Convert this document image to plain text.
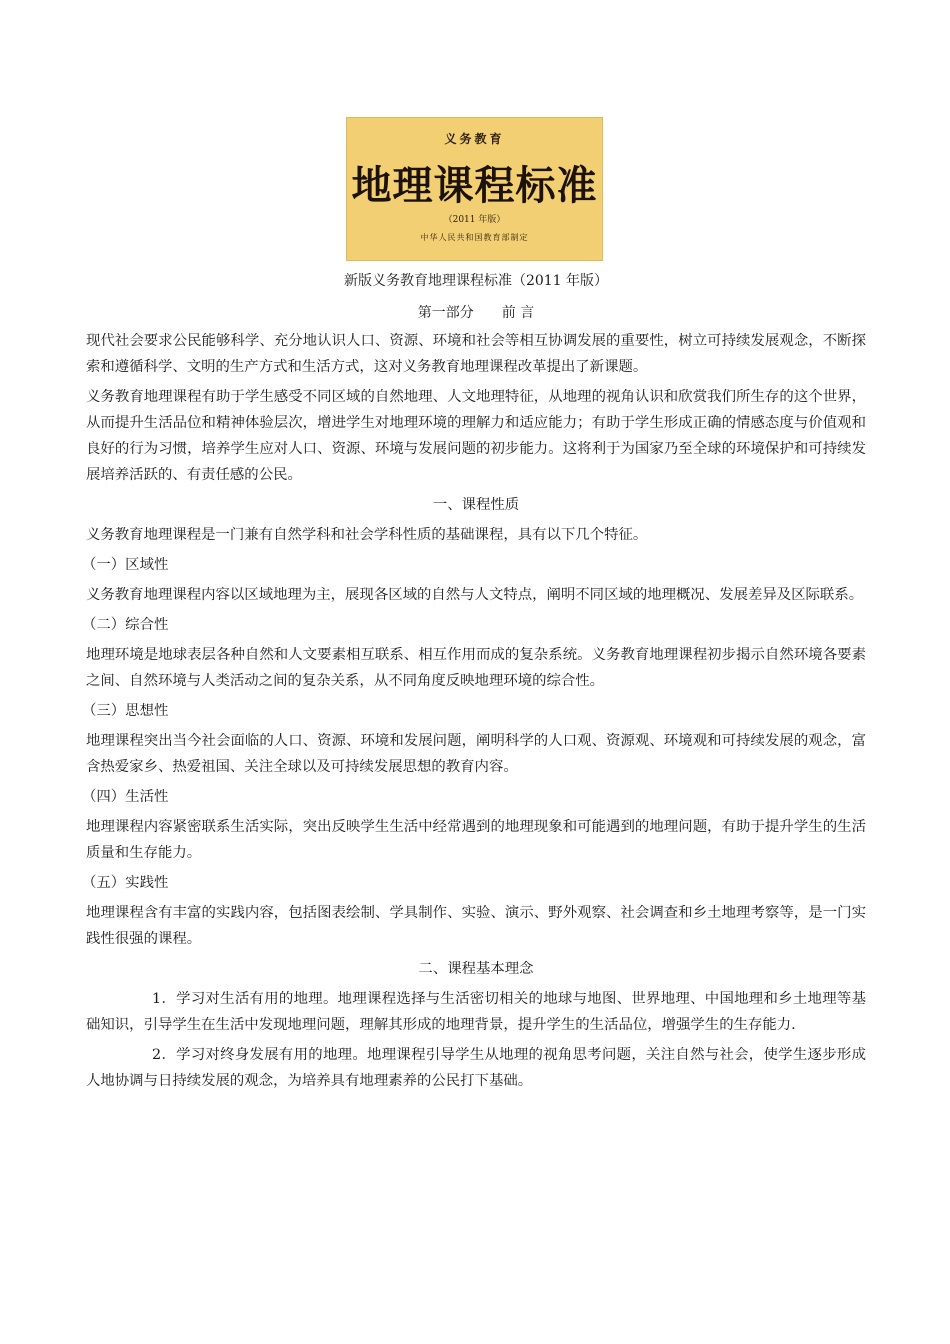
义务教育
地理课程标准
（2011 年版）
中华人民共和国教育部制定
新版义务教育地理课程标准（2011 年版）
第一部分　　前 言

现代社会要求公民能够科学、充分地认识人口、资源、环境和社会等相互协调发展的重要性，树立可持续发展观念，不断探索和遵循科学、文明的生产方式和生活方式，这对义务教育地理课程改革提出了新课题。

义务教育地理课程有助于学生感受不同区域的自然地理、人文地理特征，从地理的视角认识和欣赏我们所生存的这个世界，从而提升生活品位和精神体验层次，增进学生对地理环境的理解力和适应能力；有助于学生形成正确的情感态度与价值观和良好的行为习惯，培养学生应对人口、资源、环境与发展问题的初步能力。这将利于为国家乃至全球的环境保护和可持续发展培养活跃的、有责任感的公民。

一、课程性质

义务教育地理课程是一门兼有自然学科和社会学科性质的基础课程，具有以下几个特征。

（一）区域性

义务教育地理课程内容以区域地理为主，展现各区域的自然与人文特点，阐明不同区域的地理概况、发展差异及区际联系。

（二）综合性

地理环境是地球表层各种自然和人文要素相互联系、相互作用而成的复杂系统。义务教育地理课程初步揭示自然环境各要素之间、自然环境与人类活动之间的复杂关系，从不同角度反映地理环境的综合性。

（三）思想性

地理课程突出当今社会面临的人口、资源、环境和发展问题，阐明科学的人口观、资源观、环境观和可持续发展的观念，富含热爱家乡、热爱祖国、关注全球以及可持续发展思想的教育内容。

（四）生活性

地理课程内容紧密联系生活实际，突出反映学生生活中经常遇到的地理现象和可能遇到的地理问题，有助于提升学生的生活质量和生存能力。

（五）实践性

地理课程含有丰富的实践内容，包括图表绘制、学具制作、实验、演示、野外观察、社会调查和乡土地理考察等，是一门实践性很强的课程。

二、课程基本理念

1．学习对生活有用的地理。地理课程选择与生活密切相关的地球与地图、世界地理、中国地理和乡土地理等基础知识，引导学生在生活中发现地理问题，理解其形成的地理背景，提升学生的生活品位，增强学生的生存能力.

2．学习对终身发展有用的地理。地理课程引导学生从地理的视角思考问题，关注自然与社会，使学生逐步形成人地协调与日持续发展的观念，为培养具有地理素养的公民打下基础。
